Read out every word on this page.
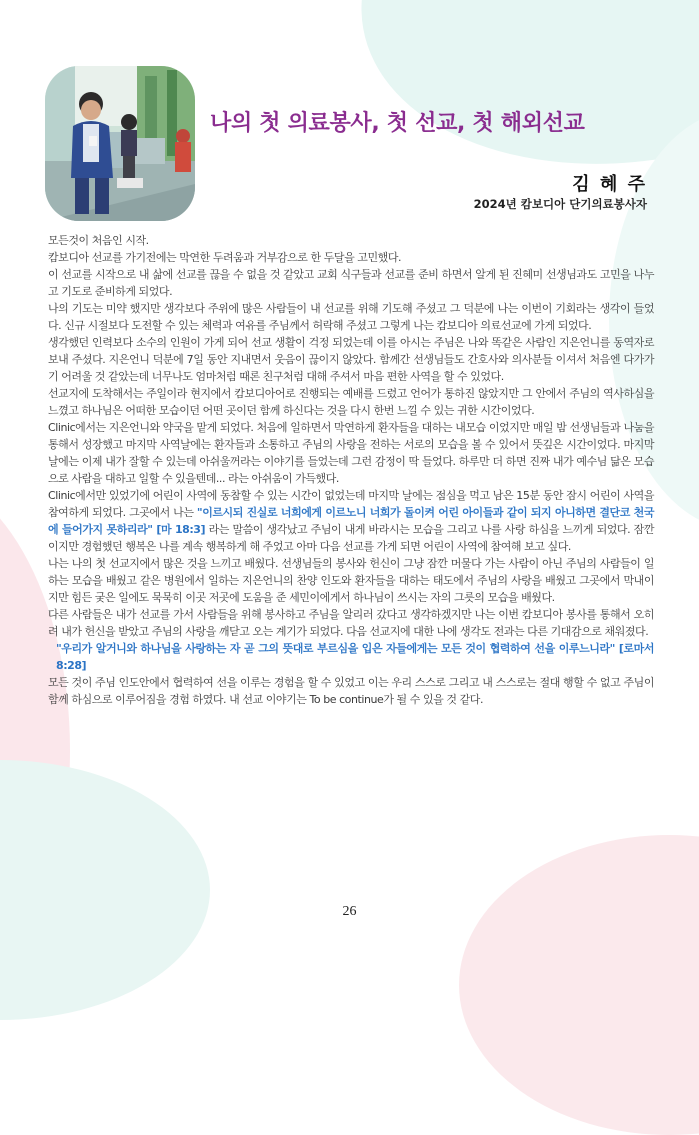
나의 첫 의료봉사, 첫 선교, 첫 해외선교
김 혜 주
2024년 캄보디아 단기의료봉사자

모든것이 처음인 시작.

캄보디아 선교를 가기전에는 막연한 두려움과 거부감으로 한 두달을 고민했다.

이 선교를 시작으로 내 삶에 선교를 끊을 수 없을 것 같았고 교회 식구들과 선교를 준비 하면서 알게 된 진혜미 선생님과도 고민을 나누고 기도로 준비하게 되었다.

나의 기도는 미약 했지만 생각보다 주위에 많은 사람들이 내 선교를 위해 기도해 주셨고 그 덕분에 나는 이번이 기회라는 생각이 들었다. 신규 시절보다 도전할 수 있는 체력과 여유를 주님께서 허락해 주셨고 그렇게 나는 캄보디아 의료선교에 가게 되었다.

생각했던 인력보다 소수의 인원이 가게 되어 선교 생활이 걱정 되었는데 이를 아시는 주님은 나와 똑같은 사람인 지은언니를 동역자로 보내 주셨다. 지은언니 덕분에 7일 동안 지내면서 웃음이 끊이지 않았다. 함께간 선생님들도 간호사와 의사분들 이셔서 처음엔 다가가기 어려울 것 같았는데 너무나도 엄마처럼 때론 친구처럼 대해 주셔서 마음 편한 사역을 할 수 있었다.

선교지에 도착해서는 주일이라 현지에서 캄보디아어로 진행되는 예배를 드렸고 언어가 통하진 않았지만 그 안에서 주님의 역사하심을 느꼈고 하나님은 어떠한 모습이던 어떤 곳이던 함께 하신다는 것을 다시 한번 느낄 수 있는 귀한 시간이었다.

Clinic에서는 지은언니와 약국을 맡게 되었다. 처음에 일하면서 막연하게 환자들을 대하는 내모습 이었지만 매일 밤 선생님들과 나눔을 통해서 성장했고 마지막 사역날에는 환자들과 소통하고 주님의 사랑을 전하는 서로의 모습을 볼 수 있어서 뜻깊은 시간이었다. 마지막 날에는 이제 내가 잘할 수 있는데 아쉬울꺼라는 이야기를 들었는데 그런 감정이 딱 들었다. 하루만 더 하면 진짜 내가 예수님 닮은 모습으로 사람을 대하고 일할 수 있을텐데... 라는 아쉬움이 가득했다.

Clinic에서만 있었기에 어린이 사역에 동참할 수 있는 시간이 없었는데 마지막 날에는 점심을 먹고 남은 15분 동안 잠시 어린이 사역을 참여하게 되었다. 그곳에서 나는 "이르시되 진실로 너희에게 이르노니 너희가 돌이켜 어린 아이들과 같이 되지 아니하면 결단코 천국에 들어가지 못하리라" [마 18:3] 라는 말씀이 생각났고 주님이 내게 바라시는 모습을 그리고 나를 사랑 하심을 느끼게 되었다. 잠깐 이지만 경험했던 행복은 나를 계속 행복하게 해 주었고 아마 다음 선교를 가게 되면 어린이 사역에 참여해 보고 싶다.

나는 나의 첫 선교지에서 많은 것을 느끼고 배웠다. 선생님들의 봉사와 헌신이 그냥 잠깐 머물다 가는 사람이 아닌 주님의 사람들이 일하는 모습을 배웠고 같은 병원에서 일하는 지은언니의 찬양 인도와 환자들을 대하는 태도에서 주님의 사랑을 배웠고 그곳에서 막내이지만 힘든 궂은 일에도 묵묵히 이곳 저곳에 도움을 준 세민이에게서 하나님이 쓰시는 자의 그릇의 모습을 배웠다.

다른 사람들은 내가 선교를 가서 사람들을 위해 봉사하고 주님을 알리러 갔다고 생각하겠지만 나는 이번 캄보디아 봉사를 통해서 오히려 내가 헌신을 받았고 주님의 사랑을 깨닫고 오는 계기가 되었다. 다음 선교지에 대한 나에 생각도 전과는 다른 기대감으로 채워졌다.

"우리가 알거니와 하나님을 사랑하는 자 곧 그의 뜻대로 부르심을 입은 자들에게는 모든 것이 협력하여 선을 이루느니라" [로마서8:28]

모든 것이 주님 인도안에서 협력하여 선을 이루는 경험을 할 수 있었고 이는 우리 스스로 그리고 내 스스로는 절대 행할 수 없고 주님이 함께 하심으로 이루어짐을 경험 하였다. 내 선교 이야기는 To be continue가 될 수 있을 것 같다.

26
